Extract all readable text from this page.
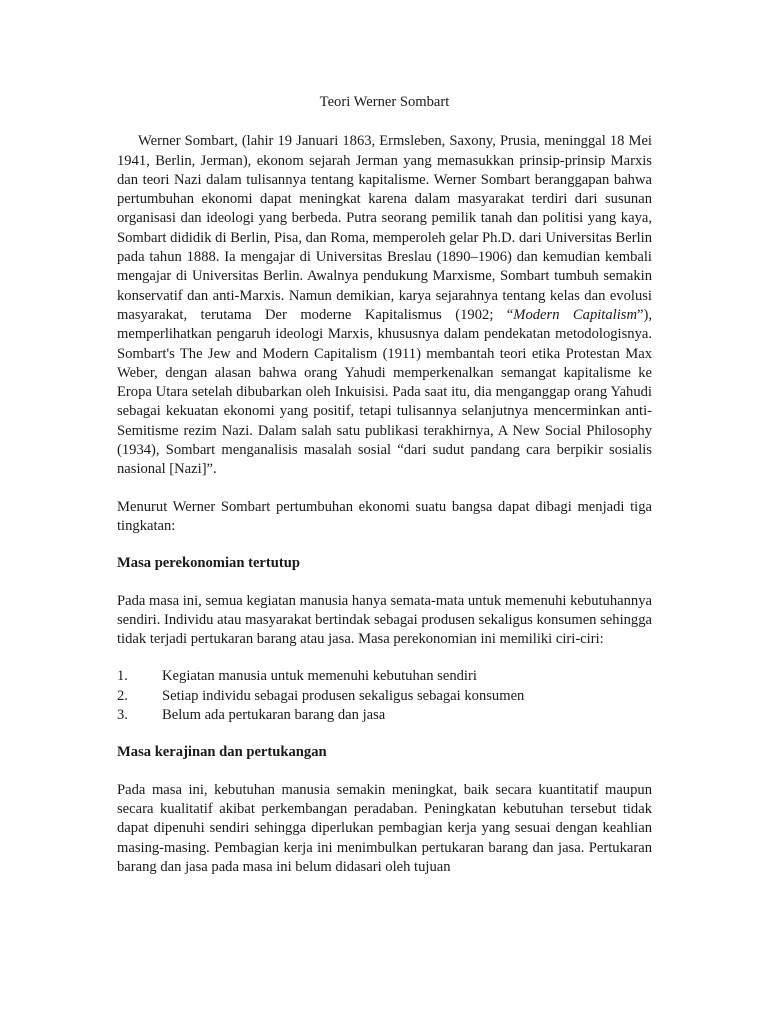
Teori Werner Sombart

Werner Sombart, (lahir 19 Januari 1863, Ermsleben, Saxony, Prusia, meninggal 18 Mei 1941, Berlin, Jerman), ekonom sejarah Jerman yang memasukkan prinsip-prinsip Marxis dan teori Nazi dalam tulisannya tentang kapitalisme. Werner Sombart beranggapan bahwa pertumbuhan ekonomi dapat meningkat karena dalam masyarakat terdiri dari susunan organisasi dan ideologi yang berbeda. Putra seorang pemilik tanah dan politisi yang kaya, Sombart dididik di Berlin, Pisa, dan Roma, memperoleh gelar Ph.D. dari Universitas Berlin pada tahun 1888. Ia mengajar di Universitas Breslau (1890–1906) dan kemudian kembali mengajar di Universitas Berlin. Awalnya pendukung Marxisme, Sombart tumbuh semakin konservatif dan anti-Marxis. Namun demikian, karya sejarahnya tentang kelas dan evolusi masyarakat, terutama Der moderne Kapitalismus (1902; “Modern Capitalism”), memperlihatkan pengaruh ideologi Marxis, khususnya dalam pendekatan metodologisnya. Sombart's The Jew and Modern Capitalism (1911) membantah teori etika Protestan Max Weber, dengan alasan bahwa orang Yahudi memperkenalkan semangat kapitalisme ke Eropa Utara setelah dibubarkan oleh Inkuisisi. Pada saat itu, dia menganggap orang Yahudi sebagai kekuatan ekonomi yang positif, tetapi tulisannya selanjutnya mencerminkan anti-Semitisme rezim Nazi. Dalam salah satu publikasi terakhirnya, A New Social Philosophy (1934), Sombart menganalisis masalah sosial “dari sudut pandang cara berpikir sosialis nasional [Nazi]”.

Menurut Werner Sombart pertumbuhan ekonomi suatu bangsa dapat dibagi menjadi tiga tingkatan:

Masa perekonomian tertutup

Pada masa ini, semua kegiatan manusia hanya semata-mata untuk memenuhi kebutuhannya sendiri. Individu atau masyarakat bertindak sebagai produsen sekaligus konsumen sehingga tidak terjadi pertukaran barang atau jasa. Masa perekonomian ini memiliki ciri-ciri:

1.	Kegiatan manusia untuk memenuhi kebutuhan sendiri
2.	Setiap individu sebagai produsen sekaligus sebagai konsumen
3.	Belum ada pertukaran barang dan jasa
Masa kerajinan dan pertukangan

Pada masa ini, kebutuhan manusia semakin meningkat, baik secara kuantitatif maupun secara kualitatif akibat perkembangan peradaban. Peningkatan kebutuhan tersebut tidak dapat dipenuhi sendiri sehingga diperlukan pembagian kerja yang sesuai dengan keahlian masing-masing. Pembagian kerja ini menimbulkan pertukaran barang dan jasa. Pertukaran barang dan jasa pada masa ini belum didasari oleh tujuan
